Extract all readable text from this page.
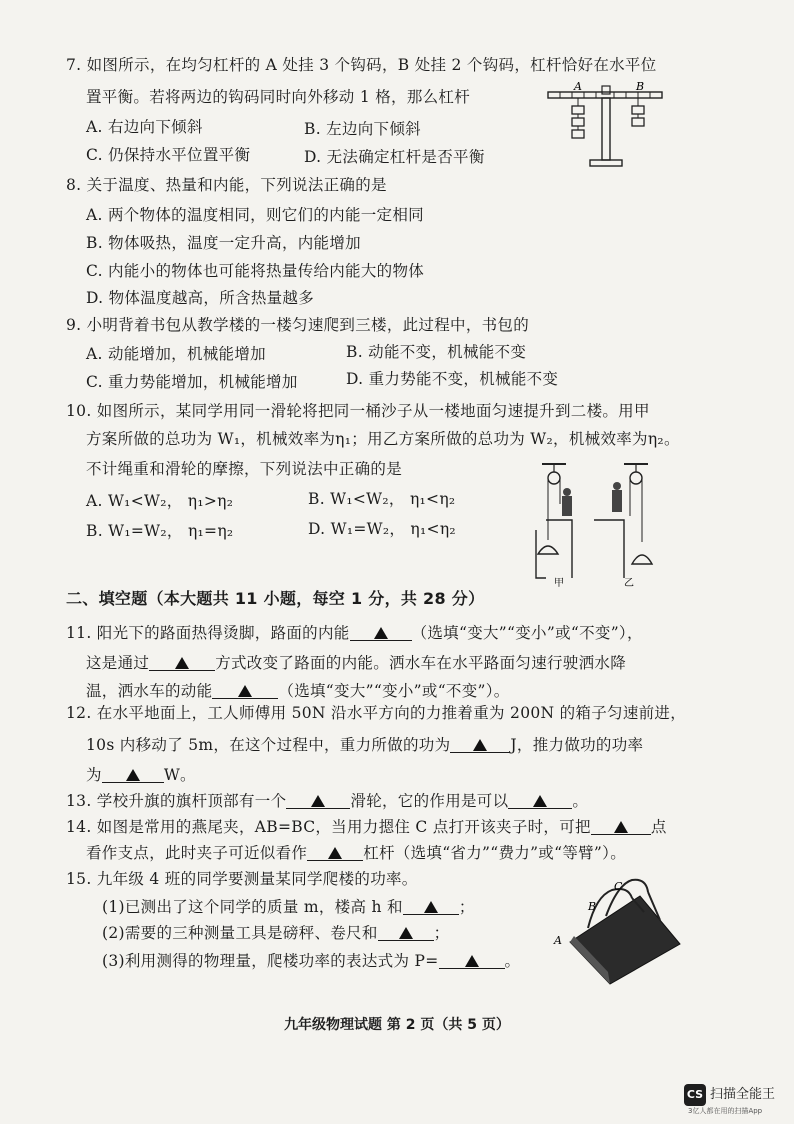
7. 如图所示，在均匀杠杆的 A 处挂 3 个钩码，B 处挂 2 个钩码，杠杆恰好在水平位
置平衡。若将两边的钩码同时向外移动 1 格，那么杠杆
A. 右边向下倾斜	B. 左边向下倾斜
C. 仍保持水平位置平衡	D. 无法确定杠杆是否平衡
A	B
8. 关于温度、热量和内能，下列说法正确的是
A. 两个物体的温度相同，则它们的内能一定相同
B. 物体吸热，温度一定升高，内能增加
C. 内能小的物体也可能将热量传给内能大的物体
D. 物体温度越高，所含热量越多
9. 小明背着书包从教学楼的一楼匀速爬到三楼，此过程中，书包的
A. 动能增加，机械能增加	B. 动能不变，机械能不变
C. 重力势能增加，机械能增加	D. 重力势能不变，机械能不变
10. 如图所示，某同学用同一滑轮将把同一桶沙子从一楼地面匀速提升到二楼。用甲
方案所做的总功为 W₁，机械效率为η₁；用乙方案所做的总功为 W₂，机械效率为η₂。
不计绳重和滑轮的摩擦，下列说法中正确的是
A. W₁<W₂， η₁>η₂	B. W₁<W₂， η₁<η₂
B. W₁=W₂， η₁=η₂	D. W₁=W₂， η₁<η₂
甲	乙
二、填空题（本大题共 11 小题，每空 1 分，共 28 分）
11. 阳光下的路面热得烫脚，路面的内能	（选填“变大”“变小”或“不变”），
这是通过	方式改变了路面的内能。洒水车在水平路面匀速行驶洒水降
温，洒水车的动能	（选填“变大”“变小”或“不变”）。
12. 在水平地面上，工人师傅用 50N 沿水平方向的力推着重为 200N 的箱子匀速前进，
10s 内移动了 5m，在这个过程中，重力所做的功为	J，推力做功的功率
为	W。
13. 学校升旗的旗杆顶部有一个	滑轮，它的作用是可以	。
14. 如图是常用的燕尾夹，AB=BC，当用力摁住 C 点打开该夹子时，可把	点
看作支点，此时夹子可近似看作	杠杆（选填“省力”“费力”或“等臂”）。
15. 九年级 4 班的同学要测量某同学爬楼的功率。
(1)已测出了这个同学的质量 m，楼高 h 和	；
(2)需要的三种测量工具是磅秤、卷尺和	；
(3)利用测得的物理量，爬楼功率的表达式为 P=	。
A
B
C
九年级物理试题 第 2 页（共 5 页）
CS 扫描全能王
3亿人都在用的扫描App
